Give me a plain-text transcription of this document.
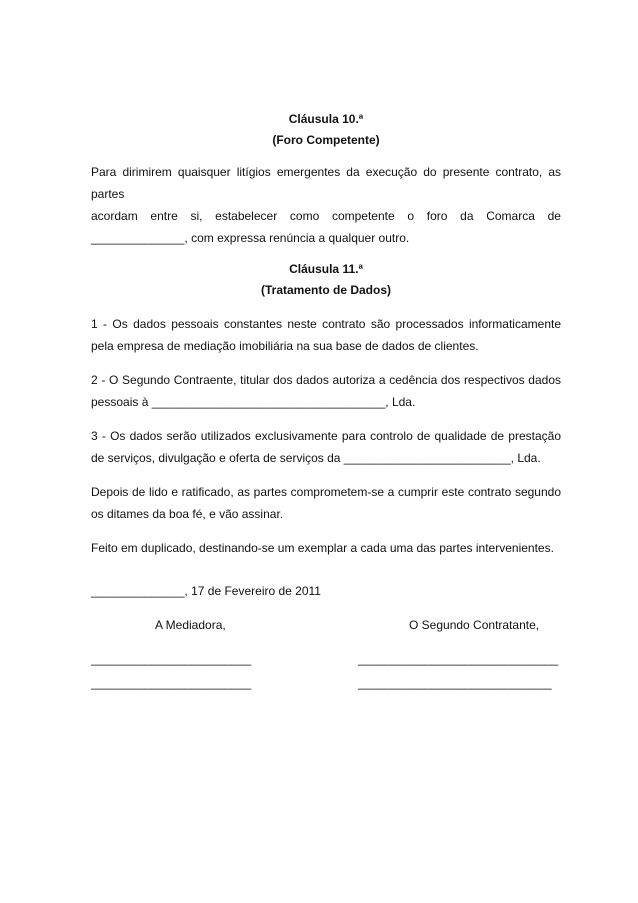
Cláusula 10.ª
(Foro Competente)
Para dirimirem quaisquer litígios emergentes da execução do presente contrato, as partes
acordam entre si, estabelecer como competente o foro da Comarca de
______________, com expressa renúncia a qualquer outro.
Cláusula 11.ª
(Tratamento de Dados)

1 - Os dados pessoais constantes neste contrato são processados informaticamente pela empresa de mediação imobiliária na sua base de dados de clientes.

2 - O Segundo Contraente, titular dos dados autoriza a cedência dos respectivos dados pessoais à ___________________________________, Lda.

3 - Os dados serão utilizados exclusivamente para controlo de qualidade de prestação de serviços, divulgação e oferta de serviços da _________________________, Lda.

Depois de lido e ratificado, as partes comprometem-se a cumprir este contrato segundo os ditames da boa fé, e vão assinar.

Feito em duplicado, destinando-se um exemplar a cada uma das partes intervenientes.

______________, 17 de Fevereiro de 2011
A Mediadora,	O Segundo Contratante,
________________________	______________________________
________________________	_____________________________
